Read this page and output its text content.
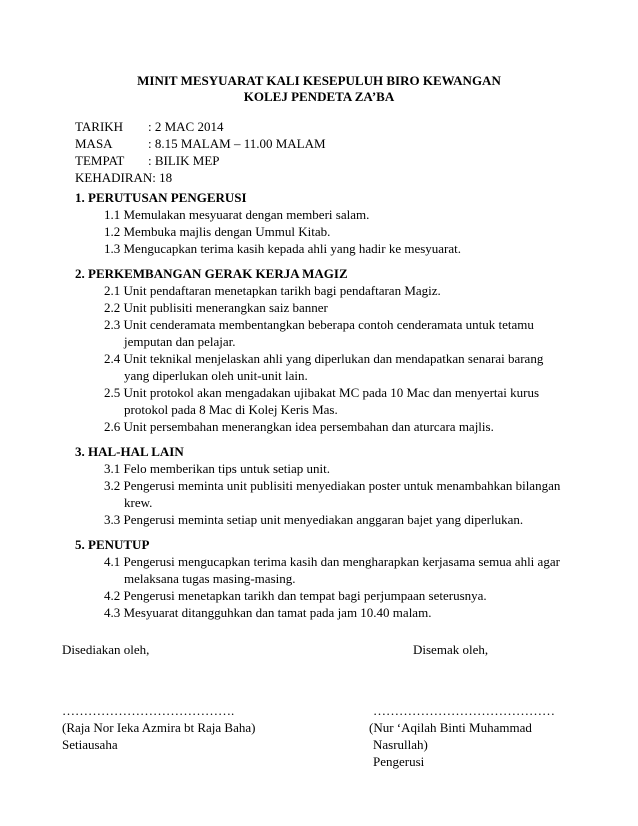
MINIT MESYUARAT KALI KESEPULUH BIRO KEWANGAN
KOLEJ PENDETA ZA’BA
TARIKH : 2 MAC 2014
MASA	: 8.15 MALAM – 11.00 MALAM
TEMPAT : BILIK MEP
KEHADIRAN: 18
1. PERUTUSAN PENGERUSI
1.1 Memulakan mesyuarat dengan memberi salam.
1.2 Membuka majlis dengan Ummul Kitab.
1.3 Mengucapkan terima kasih kepada ahli yang hadir ke mesyuarat.
2. PERKEMBANGAN GERAK KERJA MAGIZ
2.1 Unit pendaftaran menetapkan tarikh bagi pendaftaran Magiz.
2.2 Unit publisiti menerangkan saiz banner
2.3 Unit cenderamata membentangkan beberapa contoh cenderamata untuk tetamu
jemputan dan pelajar.
2.4 Unit teknikal menjelaskan ahli yang diperlukan dan mendapatkan senarai barang
yang diperlukan oleh unit-unit lain.
2.5 Unit protokol akan mengadakan ujibakat MC pada 10 Mac dan menyertai kurus
protokol pada 8 Mac di Kolej Keris Mas.
2.6 Unit persembahan menerangkan idea persembahan dan aturcara majlis.
3. HAL-HAL LAIN
3.1 Felo memberikan tips untuk setiap unit.
3.2 Pengerusi meminta unit publisiti menyediakan poster untuk menambahkan bilangan
krew.
3.3 Pengerusi meminta setiap unit menyediakan anggaran bajet yang diperlukan.
5. PENUTUP
4.1 Pengerusi mengucapkan terima kasih dan mengharapkan kerjasama semua ahli agar
melaksana tugas masing-masing.
4.2 Pengerusi menetapkan tarikh dan tempat bagi perjumpaan seterusnya.
4.3 Mesyuarat ditangguhkan dan tamat pada jam 10.40 malam.
Disediakan oleh,	Disemak oleh,
………………………………….	……………………………………
(Raja Nor Ieka Azmira bt Raja Baha)	(Nur ‘Aqilah Binti Muhammad
Setiausaha	Nasrullah)
Pengerusi
